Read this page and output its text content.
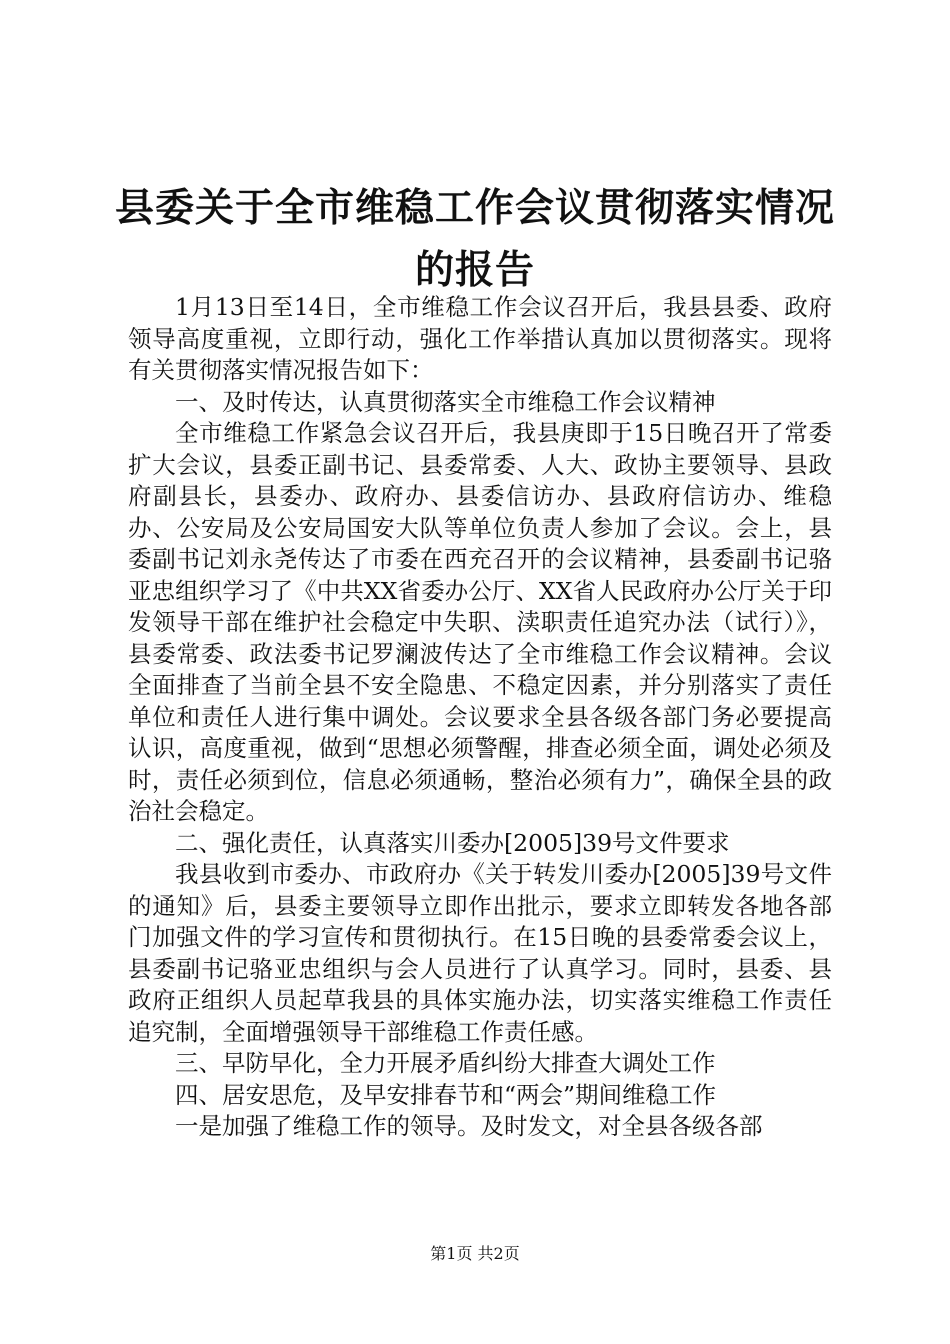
县委关于全市维稳工作会议贯彻落实情况的报告

1月13日至14日，全市维稳工作会议召开后，我县县委、政府领导高度重视，立即行动，强化工作举措认真加以贯彻落实。现将有关贯彻落实情况报告如下：

一、及时传达，认真贯彻落实全市维稳工作会议精神

全市维稳工作紧急会议召开后，我县庚即于15日晚召开了常委扩大会议，县委正副书记、县委常委、人大、政协主要领导、县政府副县长，县委办、政府办、县委信访办、县政府信访办、维稳办、公安局及公安局国安大队等单位负责人参加了会议。会上，县委副书记刘永尧传达了市委在西充召开的会议精神，县委副书记骆亚忠组织学习了《中共XX省委办公厅、XX省人民政府办公厅关于印发领导干部在维护社会稳定中失职、渎职责任追究办法（试行）》，县委常委、政法委书记罗澜波传达了全市维稳工作会议精神。会议全面排查了当前全县不安全隐患、不稳定因素，并分别落实了责任单位和责任人进行集中调处。会议要求全县各级各部门务必要提高认识，高度重视，做到“思想必须警醒，排查必须全面，调处必须及时，责任必须到位，信息必须通畅，整治必须有力”，确保全县的政治社会稳定。

二、强化责任，认真落实川委办[2005]39号文件要求

我县收到市委办、市政府办《关于转发川委办[2005]39号文件的通知》后，县委主要领导立即作出批示，要求立即转发各地各部门加强文件的学习宣传和贯彻执行。在15日晚的县委常委会议上，县委副书记骆亚忠组织与会人员进行了认真学习。同时，县委、县政府正组织人员起草我县的具体实施办法，切实落实维稳工作责任追究制，全面增强领导干部维稳工作责任感。

三、早防早化，全力开展矛盾纠纷大排查大调处工作

四、居安思危，及早安排春节和“两会”期间维稳工作

一是加强了维稳工作的领导。及时发文，对全县各级各部

第1页 共2页
